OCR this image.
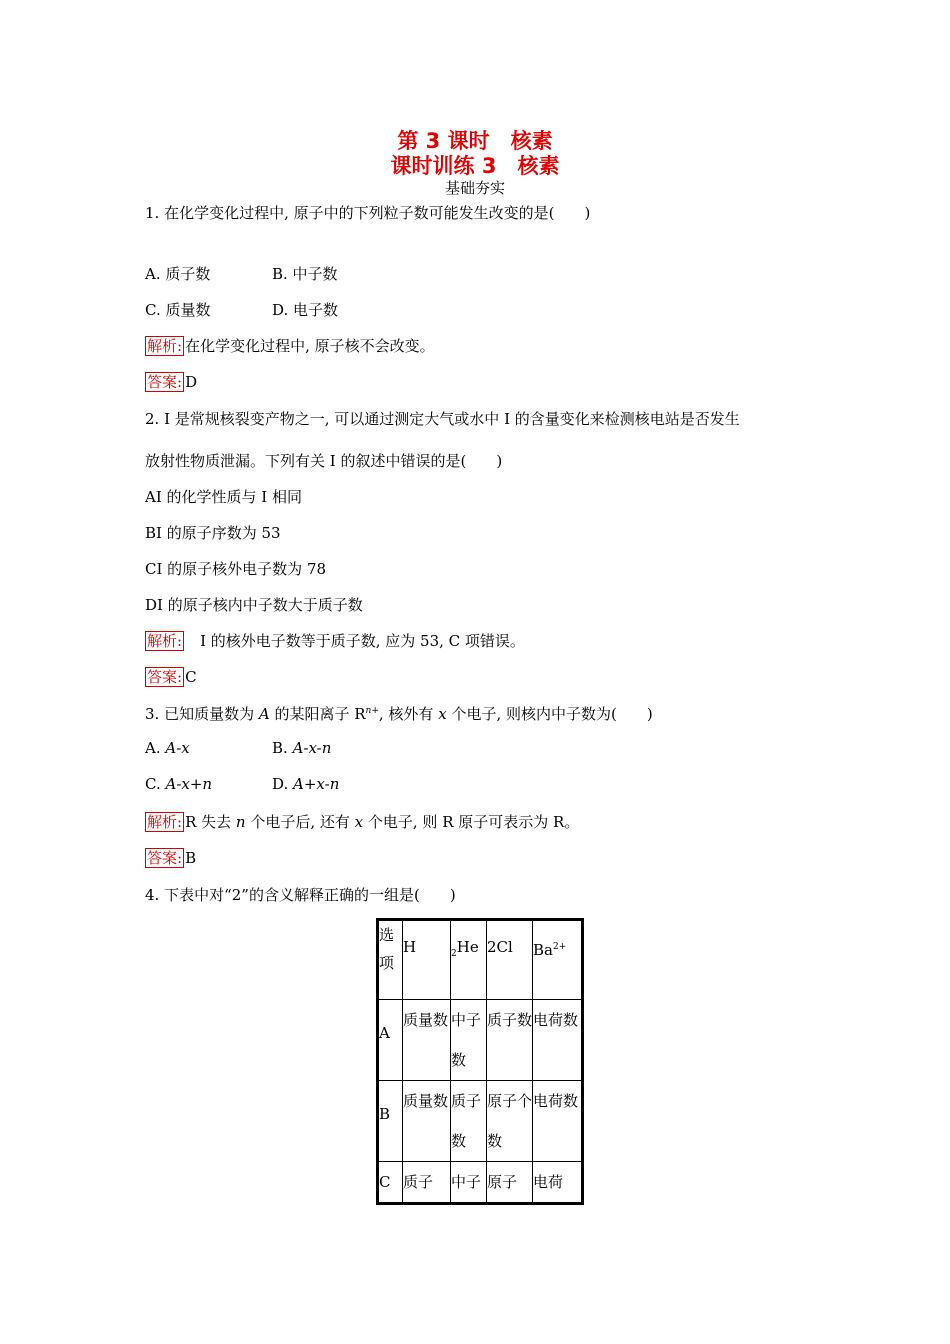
第 3 课时　核素
课时训练 3　核素
基础夯实
1. 在化学变化过程中, 原子中的下列粒子数可能发生改变的是(　　)
A. 质子数	B. 中子数
C. 质量数	D. 电子数
解析: 在化学变化过程中, 原子核不会改变。
答案: D
2. I 是常规核裂变产物之一, 可以通过测定大气或水中 I 的含量变化来检测核电站是否发生
放射性物质泄漏。下列有关 I 的叙述中错误的是(　　)
AI 的化学性质与 I 相同
BI 的原子序数为 53
CI 的原子核外电子数为 78
DI 的原子核内中子数大于质子数
解析:　I 的核外电子数等于质子数, 应为 53, C 项错误。
答案: C
3. 已知质量数为 A 的某阳离子 $R^{n+}$, 核外有 x 个电子, 则核内中子数为(　　)
A. A-x	B. A-x-n
C. A-x+n	D. A+x-n
解析: R 失去 n 个电子后, 还有 x 个电子, 则 R 原子可表示为 R。
答案: B
4. 下表中对“2”的含义解释正确的一组是(　　)
选项	H	$_2$He	2Cl	$Ba^{2+}$
A	质量数	中子数	质子数	电荷数
B	质量数	质子数	原子个数	电荷数
C	质子	中子	原子	电荷
